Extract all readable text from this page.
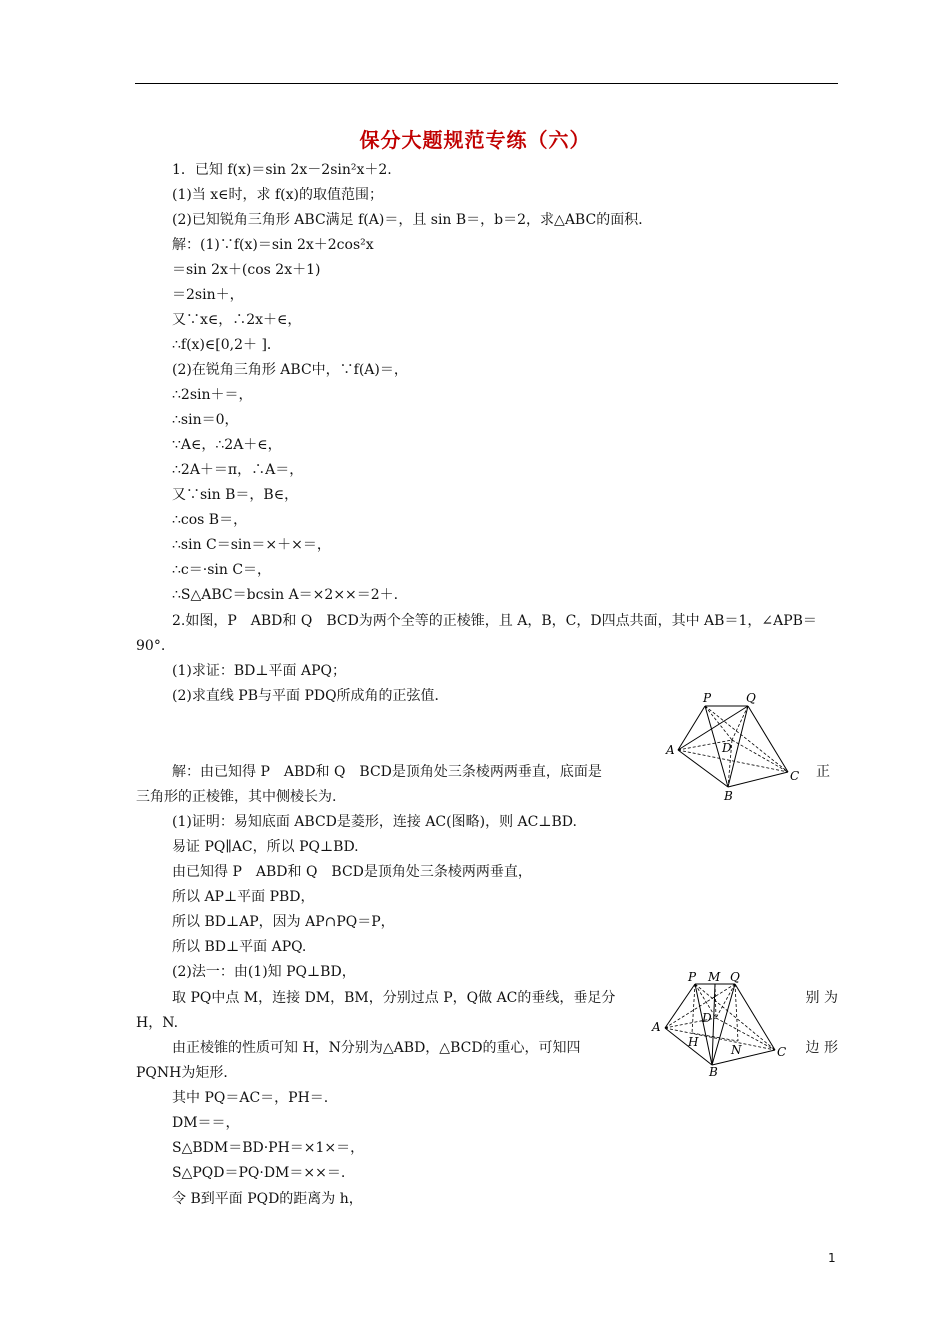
保分大题规范专练（六）
1．已知 f(x)＝sin 2x－2sin²x＋2.
(1)当 x∈时，求 f(x)的取值范围；
(2)已知锐角三角形 ABC满足 f(A)＝，且 sin B＝，b＝2，求△ABC的面积．
解：(1)∵f(x)＝sin 2x＋2cos²x
＝sin 2x＋(cos 2x＋1)
＝2sin＋，
又∵x∈，∴2x＋∈，
∴f(x)∈[0,2＋ ]．
(2)在锐角三角形 ABC中，∵f(A)＝，
∴2sin＋＝，
∴sin＝0，
∵A∈，∴2A＋∈，
∴2A＋＝π，∴A＝，
又∵sin B＝，B∈，
∴cos B＝，
∴sin C＝sin＝×＋×＝，
∴c＝·sin C＝，
∴S△ABC＝bcsin A＝×2××＝2＋.
2.如图，P　ABD和 Q　BCD为两个全等的正棱锥，且 A，B，C，D四点共面，其中 AB＝1，∠APB＝
90°.
(1)求证：BD⊥平面 APQ；
(2)求直线 PB与平面 PDQ所成角的正弦值．
解：由已知得 P　ABD和 Q　BCD是顶角处三条棱两两垂直，底面是	正
三角形的正棱锥，其中侧棱长为.
(1)证明：易知底面 ABCD是菱形，连接 AC(图略)，则 AC⊥BD.
易证 PQ∥AC，所以 PQ⊥BD.
由已知得 P　ABD和 Q　BCD是顶角处三条棱两两垂直，
所以 AP⊥平面 PBD，
所以 BD⊥AP，因为 AP∩PQ＝P，
所以 BD⊥平面 APQ.
(2)法一：由(1)知 PQ⊥BD，
取 PQ中点 M，连接 DM，BM，分别过点 P，Q做 AC的垂线，垂足分	别 为
H，N.
由正棱锥的性质可知 H，N分别为△ABD，△BCD的重心，可知四	边 形
PQNH为矩形．
其中 PQ＝AC＝，PH＝.
DM＝＝，
S△BDM＝BD·PH＝×1×＝，
S△PQD＝PQ·DM＝××＝.
令 B到平面 PQD的距离为 h，
P	Q
A	D
B
C
P M Q
A
D
H
N
B
C
1
